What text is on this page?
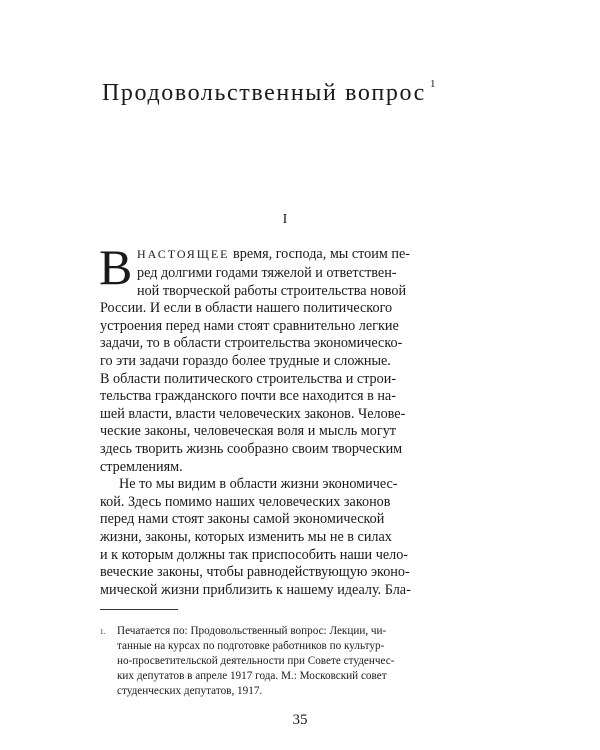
Продовольственный вопрос $^1$
I
В НАСТОЯЩЕЕ время, господа, мы стоим пе-
ред долгими годами тяжелой и ответствен-
ной творческой работы строительства новой
России. И если в области нашего политического
устроения перед нами стоят сравнительно легкие
задачи, то в области строительства экономическо-
го эти задачи гораздо более трудные и сложные.
В области политического строительства и строи-
тельства гражданского почти все находится в на-
шей власти, власти человеческих законов. Челове-
ческие законы, человеческая воля и мысль могут
здесь творить жизнь сообразно своим творческим
стремлениям.
Не то мы видим в области жизни экономичес-
кой. Здесь помимо наших человеческих законов
перед нами стоят законы самой экономической
жизни, законы, которых изменить мы не в силах
и к которым должны так приспособить наши чело-
веческие законы, чтобы равнодействующую эконо-
1. Печатается по: Продовольственный вопрос: Лекции, чи-
танные на курсах по подготовке работников по культур-
но-просветительской деятельности при Совете студенчес-
ких депутатов в апреле 1917 года. М.: Московский совет
студенческих депутатов, 1917.
35
мической жизни приблизить к нашему идеалу. Бла-
